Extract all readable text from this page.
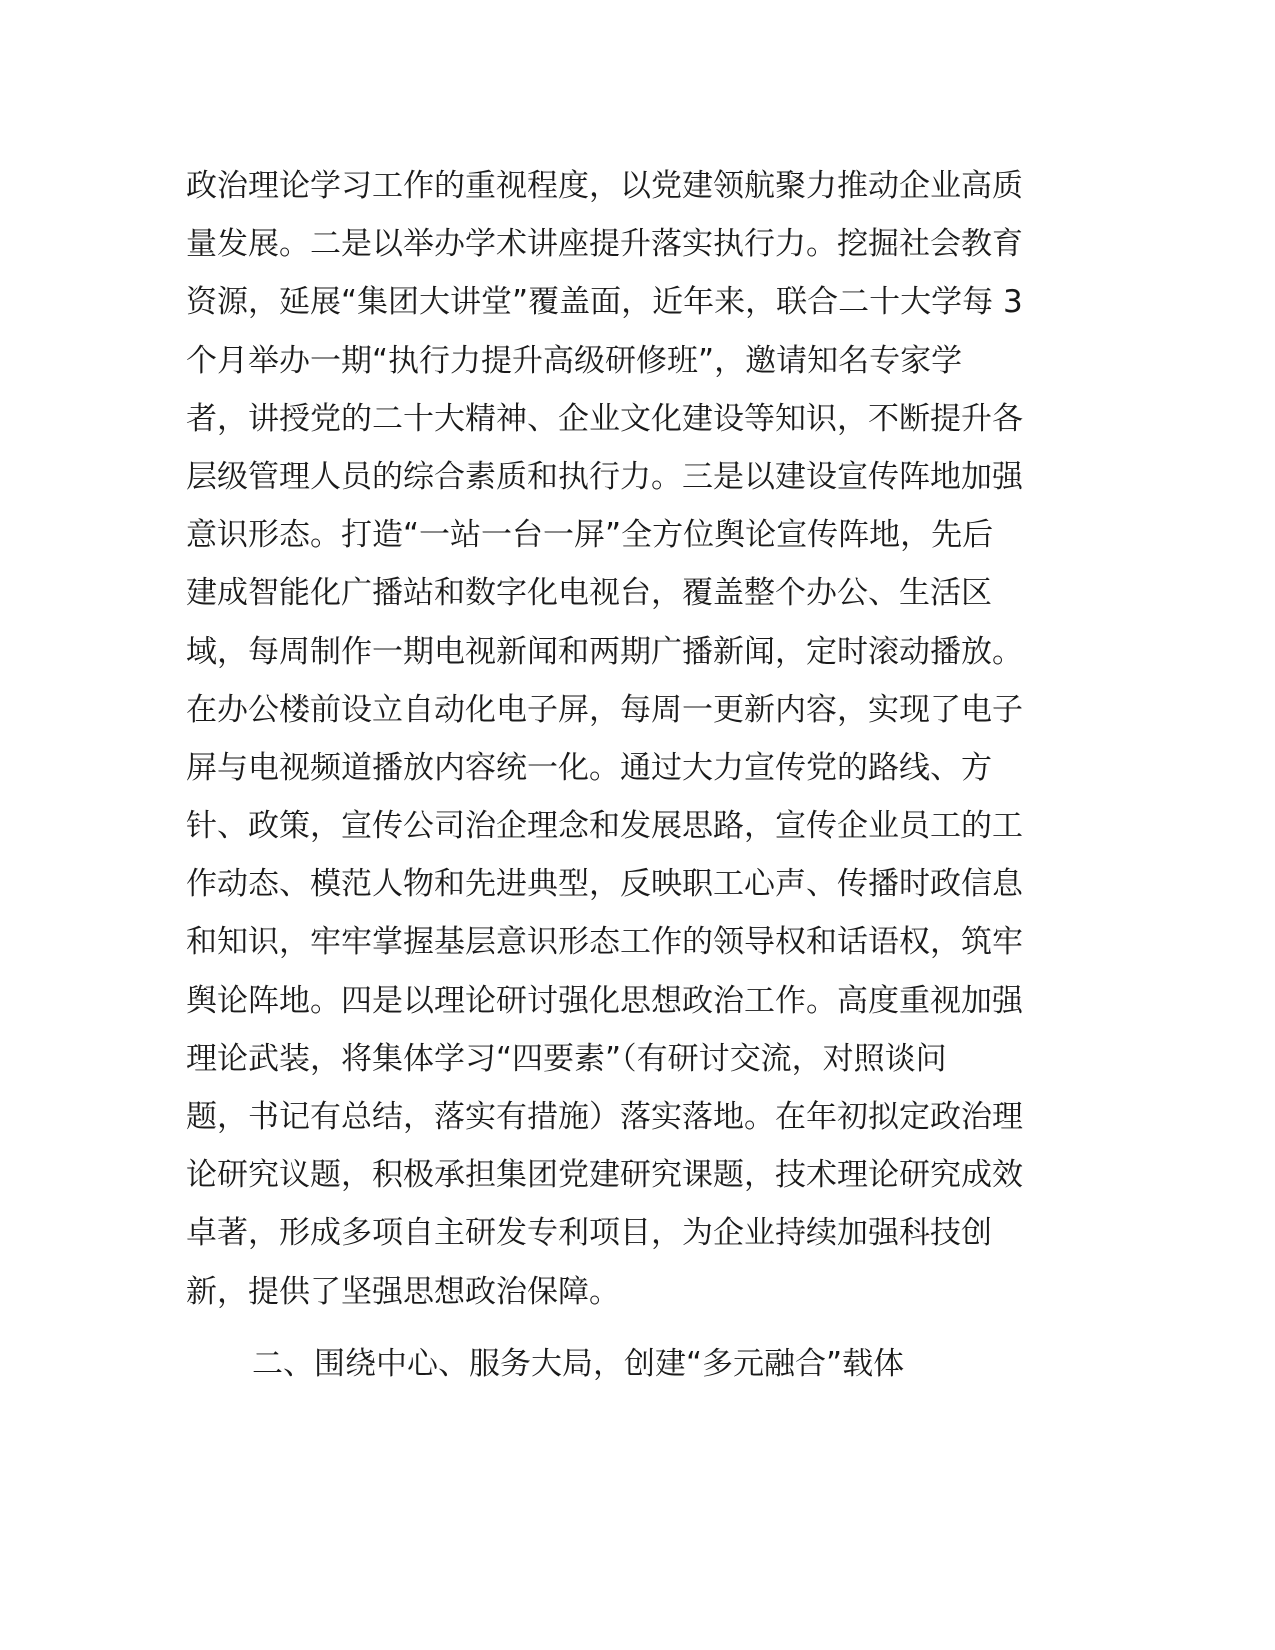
政治理论学习工作的重视程度，以党建领航聚力推动企业高质
量发展。二是以举办学术讲座提升落实执行力。挖掘社会教育
资源，延展“集团大讲堂”覆盖面，近年来，联合二十大学每 3
个月举办一期“执行力提升高级研修班”，邀请知名专家学
者，讲授党的二十大精神、企业文化建设等知识，不断提升各
层级管理人员的综合素质和执行力。三是以建设宣传阵地加强
意识形态。打造“一站一台一屏”全方位舆论宣传阵地，先后
建成智能化广播站和数字化电视台，覆盖整个办公、生活区
域，每周制作一期电视新闻和两期广播新闻，定时滚动播放。
在办公楼前设立自动化电子屏，每周一更新内容，实现了电子
屏与电视频道播放内容统一化。通过大力宣传党的路线、方
针、政策，宣传公司治企理念和发展思路，宣传企业员工的工
作动态、模范人物和先进典型，反映职工心声、传播时政信息
和知识，牢牢掌握基层意识形态工作的领导权和话语权，筑牢
舆论阵地。四是以理论研讨强化思想政治工作。高度重视加强
理论武装，将集体学习“四要素”（有研讨交流，对照谈问
题，书记有总结，落实有措施）落实落地。在年初拟定政治理
论研究议题，积极承担集团党建研究课题，技术理论研究成效
卓著，形成多项自主研发专利项目，为企业持续加强科技创
新，提供了坚强思想政治保障。
二、围绕中心、服务大局，创建“多元融合”载体
